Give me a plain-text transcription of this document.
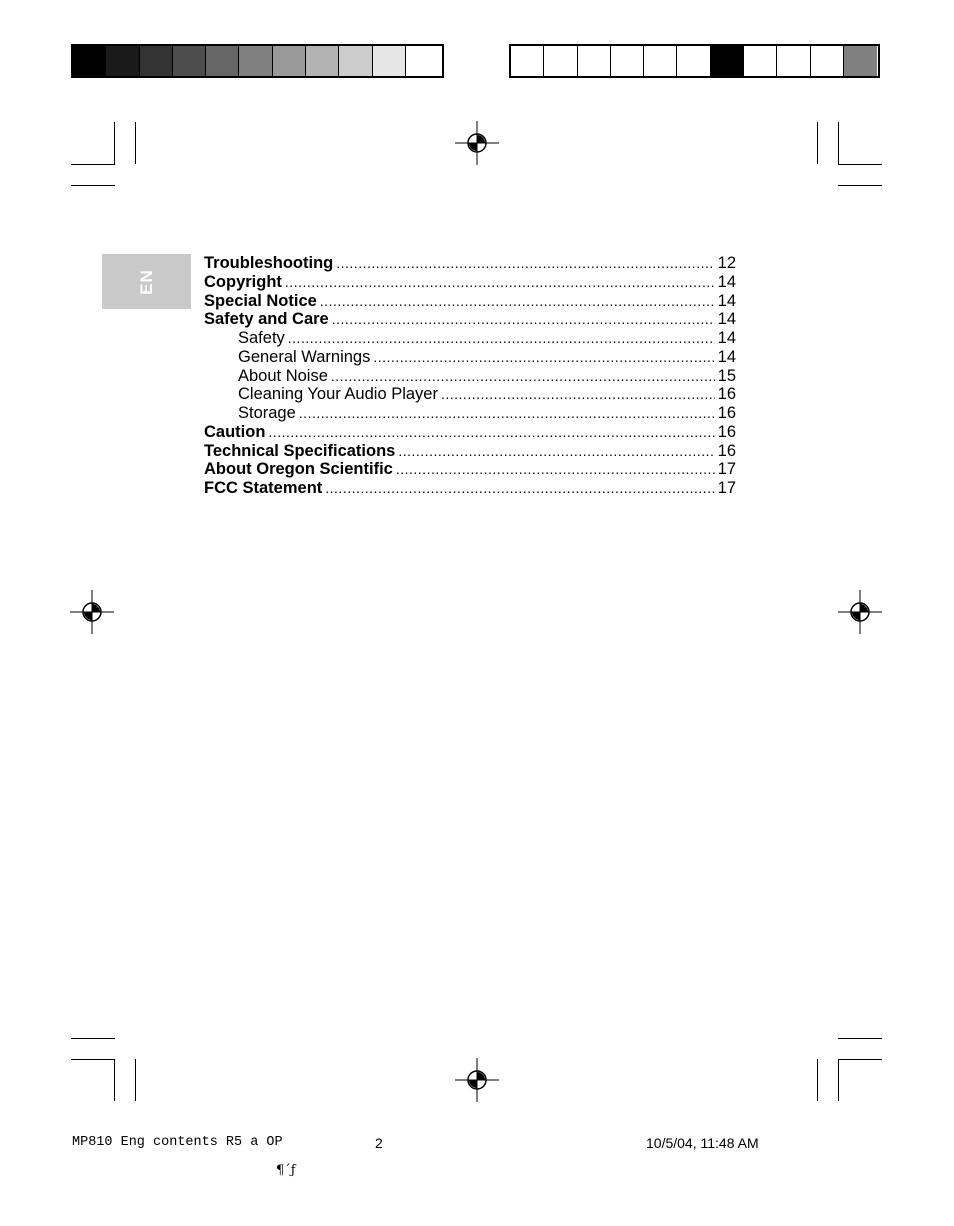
EN
Troubleshooting .....	12
Copyright .....	14
Special Notice .....	14
Safety and Care .....	14
Safety .....	14
General Warnings .....	14
About Noise .....	15
Cleaning Your Audio Player .....	16
Storage .....	16
Caution .....	16
Technical Specifications .....	16
About Oregon Scientific .....	17
FCC Statement .....	17
MP810 Eng contents R5 a OP	2	10/5/04, 11:48 AM
¶´ƒ
